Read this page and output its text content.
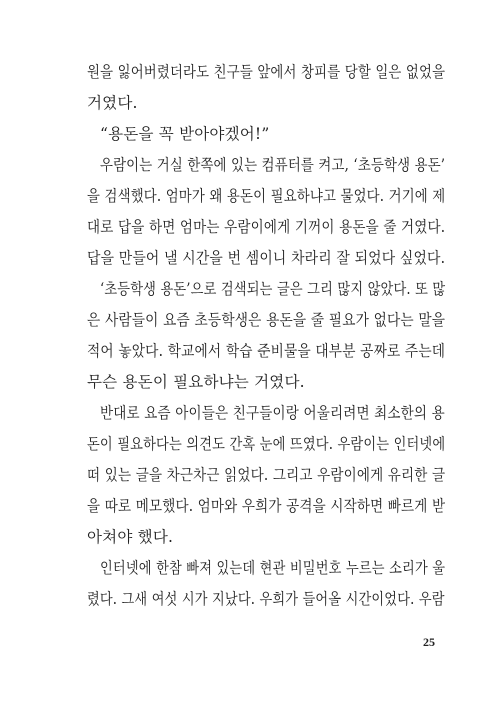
원을 잃어버렸더라도 친구들 앞에서 창피를 당할 일은 없었을
거였다.
“용돈을 꼭 받아야겠어!”
우람이는 거실 한쪽에 있는 컴퓨터를 켜고, ‘초등학생 용돈’
을 검색했다. 엄마가 왜 용돈이 필요하냐고 물었다. 거기에 제
대로 답을 하면 엄마는 우람이에게 기꺼이 용돈을 줄 거였다.
답을 만들어 낼 시간을 번 셈이니 차라리 잘 되었다 싶었다.
‘초등학생 용돈’으로 검색되는 글은 그리 많지 않았다. 또 많
은 사람들이 요즘 초등학생은 용돈을 줄 필요가 없다는 말을
적어 놓았다. 학교에서 학습 준비물을 대부분 공짜로 주는데
무슨 용돈이 필요하냐는 거였다.
반대로 요즘 아이들은 친구들이랑 어울리려면 최소한의 용
돈이 필요하다는 의견도 간혹 눈에 뜨였다. 우람이는 인터넷에
떠 있는 글을 차근차근 읽었다. 그리고 우람이에게 유리한 글
을 따로 메모했다. 엄마와 우희가 공격을 시작하면 빠르게 받
아쳐야 했다.
인터넷에 한참 빠져 있는데 현관 비밀번호 누르는 소리가 울
렸다. 그새 여섯 시가 지났다. 우희가 들어올 시간이었다. 우람
25
